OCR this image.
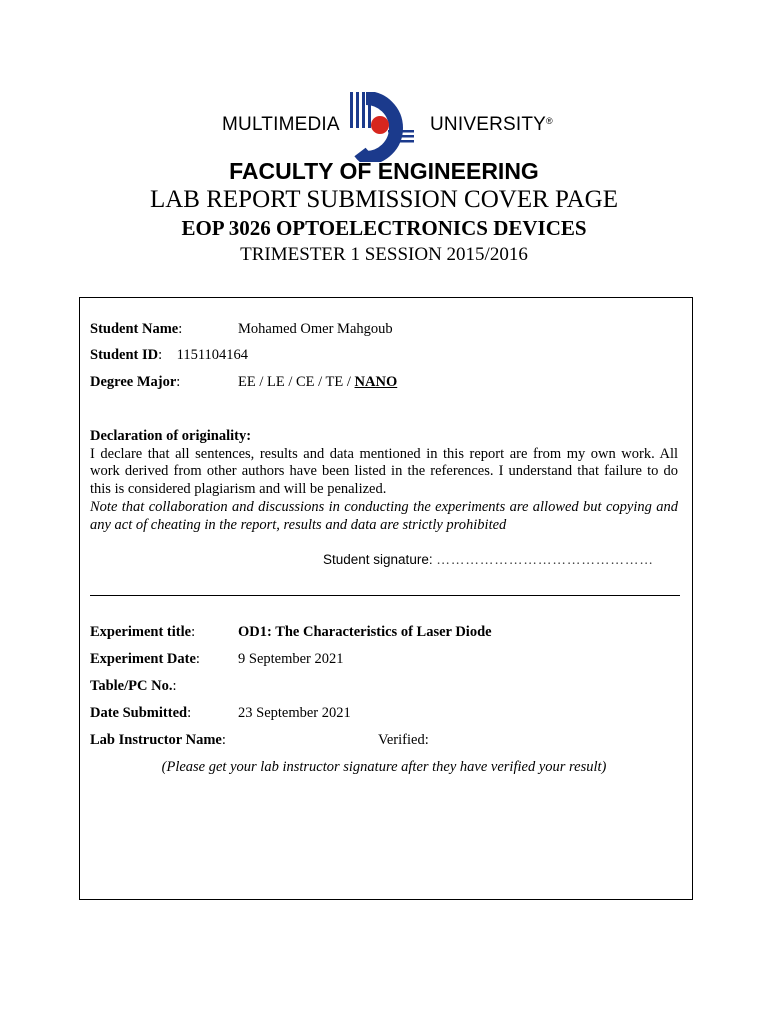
MULTIMEDIA	UNIVERSITY®
FACULTY OF ENGINEERING
LAB REPORT SUBMISSION COVER PAGE
EOP 3026 OPTOELECTRONICS DEVICES
TRIMESTER 1 SESSION 2015/2016
Student Name:	Mohamed Omer Mahgoub
Student ID:    1151104164
Degree Major:	EE / LE / CE / TE / NANO
Declaration of originality:
I declare that all sentences, results and data mentioned in this report are from my own work. All work derived from other authors have been listed in the references. I understand that failure to do this is considered plagiarism and will be penalized.
Note that collaboration and discussions in conducting the experiments are allowed but copying and any act of cheating in the report, results and data are strictly prohibited
Student signature: ………………………………………
Experiment title:	OD1: The Characteristics of Laser Diode
Experiment Date:	9 September 2021
Table/PC No.:
Date Submitted:	23 September 2021
Lab Instructor Name:	Verified:
(Please get your lab instructor signature after they have verified your result)
